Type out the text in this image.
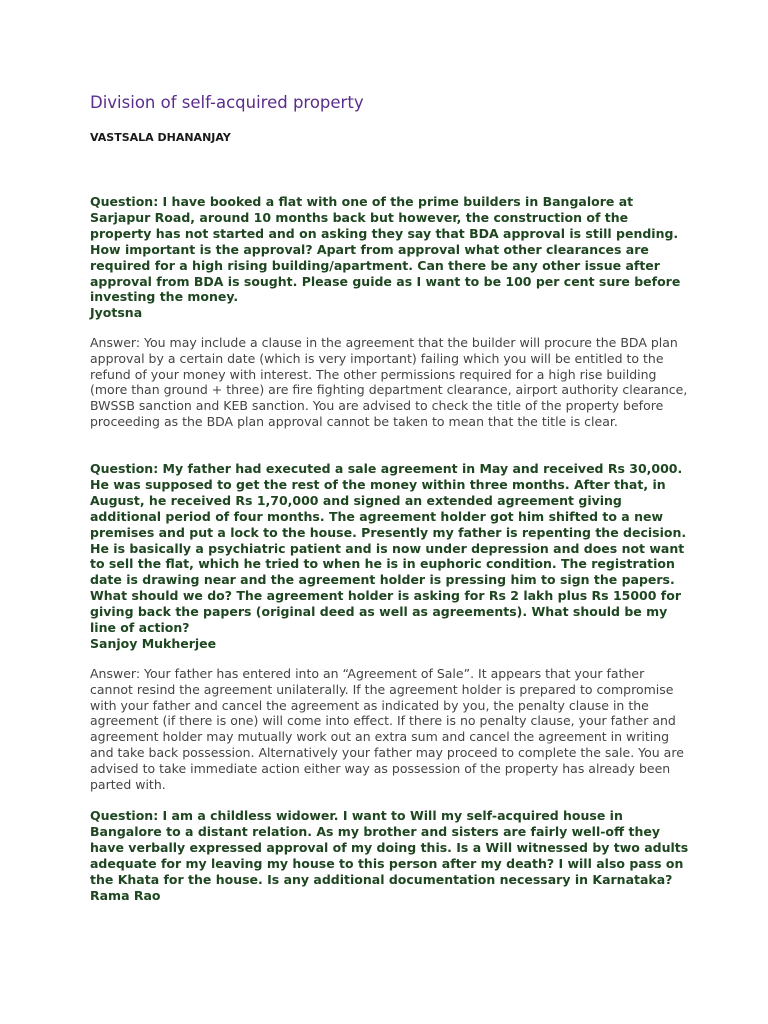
Division of self-acquired property

VASTSALA DHANANJAY

Question: I have booked a flat with one of the prime builders in Bangalore at Sarjapur Road, around 10 months back but however, the construction of the property has not started and on asking they say that BDA approval is still pending. How important is the approval? Apart from approval what other clearances are required for a high rising building/apartment. Can there be any other issue after approval from BDA is sought. Please guide as I want to be 100 per cent sure before investing the money.
Jyotsna

Answer: You may include a clause in the agreement that the builder will procure the BDA plan approval by a certain date (which is very important) failing which you will be entitled to the refund of your money with interest. The other permissions required for a high rise building (more than ground + three) are fire fighting department clearance, airport authority clearance, BWSSB sanction and KEB sanction. You are advised to check the title of the property before proceeding as the BDA plan approval cannot be taken to mean that the title is clear.

Question: My father had executed a sale agreement in May and received Rs 30,000. He was supposed to get the rest of the money within three months. After that, in August, he received Rs 1,70,000 and signed an extended agreement giving additional period of four months. The agreement holder got him shifted to a new premises and put a lock to the house. Presently my father is repenting the decision. He is basically a psychiatric patient and is now under depression and does not want to sell the flat, which he tried to when he is in euphoric condition. The registration date is drawing near and the agreement holder is pressing him to sign the papers. What should we do? The agreement holder is asking for Rs 2 lakh plus Rs 15000 for giving back the papers (original deed as well as agreements). What should be my line of action?
Sanjoy Mukherjee

Answer: Your father has entered into an “Agreement of Sale”. It appears that your father cannot resind the agreement unilaterally. If the agreement holder is prepared to compromise with your father and cancel the agreement as indicated by you, the penalty clause in the agreement (if there is one) will come into effect. If there is no penalty clause, your father and agreement holder may mutually work out an extra sum and cancel the agreement in writing and take back possession. Alternatively your father may proceed to complete the sale. You are advised to take immediate action either way as possession of the property has already been parted with.

Question: I am a childless widower. I want to Will my self-acquired house in Bangalore to a distant relation. As my brother and sisters are fairly well-off they have verbally expressed approval of my doing this. Is a Will witnessed by two adults adequate for my leaving my house to this person after my death? I will also pass on the Khata for the house. Is any additional documentation necessary in Karnataka?
Rama Rao
